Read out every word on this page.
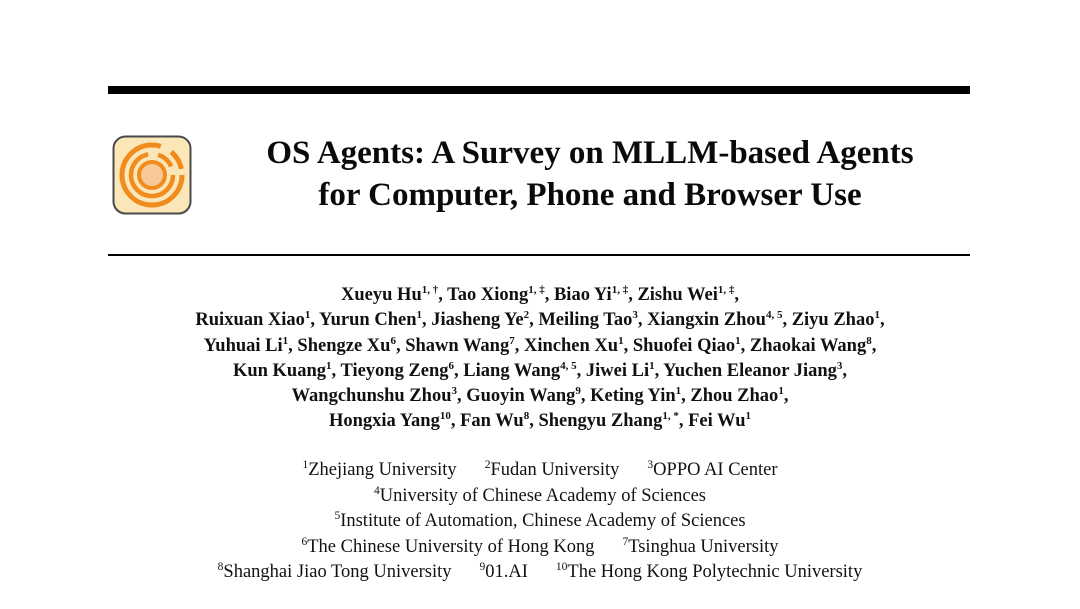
OS Agents: A Survey on MLLM-based Agents
for Computer, Phone and Browser Use
Xueyu $Hu^{1, \dagger}$, Tao Xiong$^{1, \ddagger}$, Biao $Yi^{1, \ddagger}$, Zishu Wei$^{1, \ddagger}$,
Ruixuan Xiao$^1$, Yurun Chen$^1$, Jiasheng Ye$^2$, Meiling Tao$^3$, Xiangxin Zhou$^{4, 5}$, Ziyu Zhao$^1$,
Yuhuai Li$^1$, Shengze Xu$^6$, Shawn Wang$^7$, Xinchen Xu$^1$, Shuofei Qiao$^1$, Zhaokai Wang$^8$,
Kun Kuang$^1$, Tieyong Zeng$^6$, Liang Wang$^{4, 5}$, Jiwei Li$^1$, Yuchen Eleanor Jiang$^3$,
Wangchunshu Zhou$^3$, Guoyin Wang$^9$, Keting Yin$^1$, Zhou Zhao$^1$,
Hongxia Yang$^{10}$, Fan Wu$^8$, Shengyu Zhang$^{1, *}$, Fei Wu$^1$
$^1$Zhejiang University $^2$Fudan University $^3$OPPO AI Center
$^4$University of Chinese Academy of Sciences
$^5$Institute of Automation, Chinese Academy of Sciences
$^6$The Chinese University of Hong Kong $^7$Tsinghua University
$^8$Shanghai Jiao Tong University $^9$01.AI $^{10}$The Hong Kong Polytechnic University
